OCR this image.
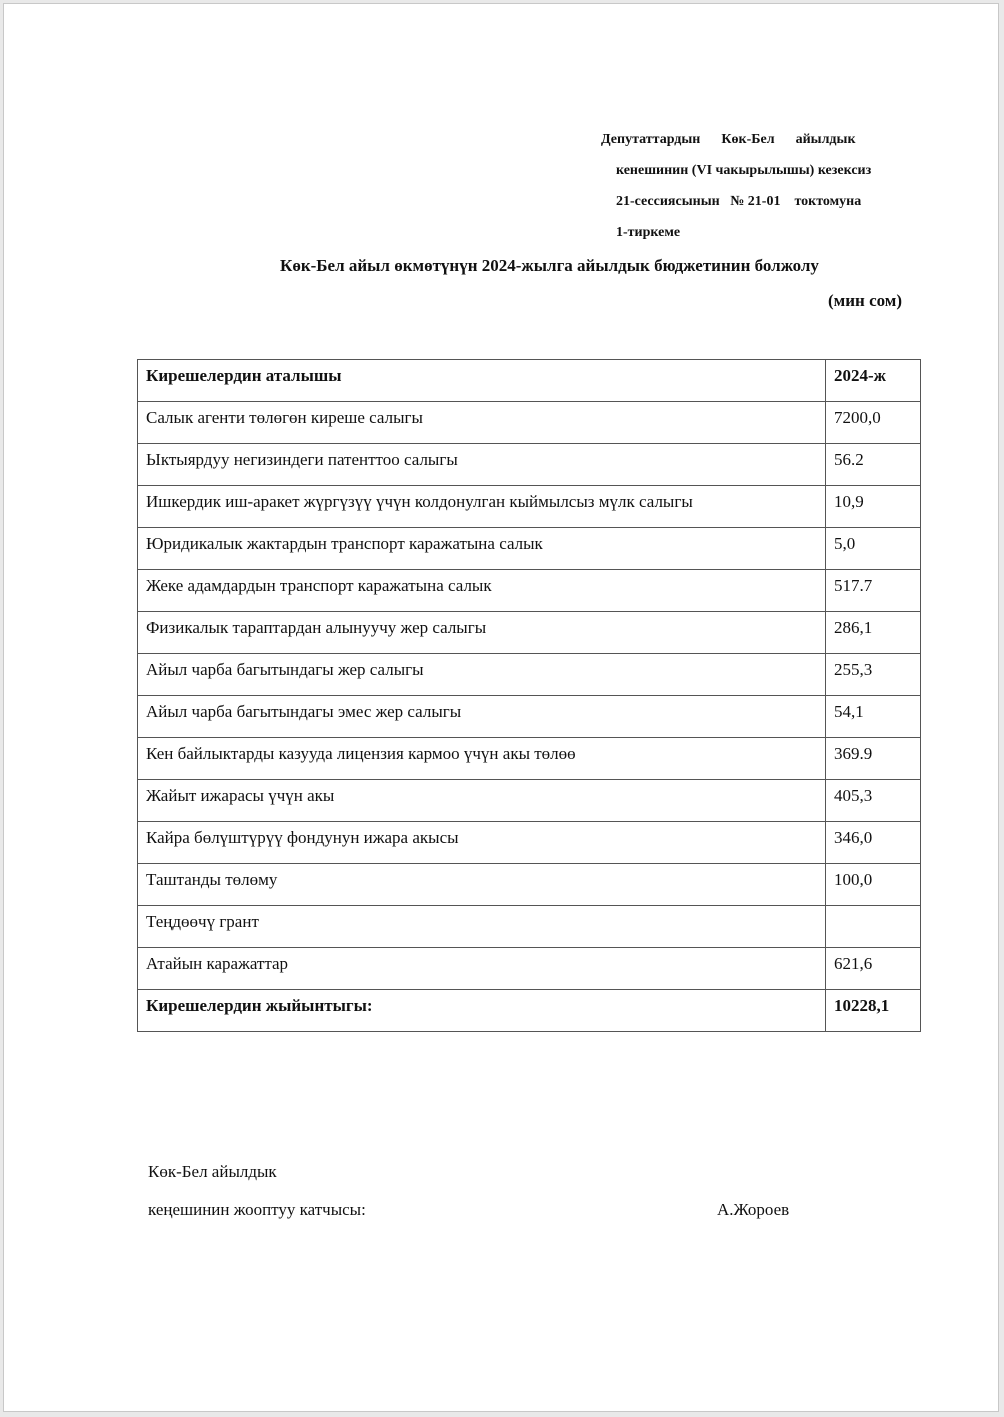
Депутаттардын      Көк-Бел      айылдык
кенешинин (VI чакырылышы) кезексиз
21-сессиясынын   № 21-01    токтомуна
1-тиркеме
Көк-Бел айыл өкмөтүнүн 2024-жылга айылдык бюджетинин болжолу
(мин сом)
Кирешелердин аталышы	2024-ж
Салык агенти төлөгөн киреше салыгы	7200,0
Ыктыярдуу негизиндеги патенттоо салыгы	56.2
Ишкердик иш-аракет жүргүзүү үчүн колдонулган кыймылсыз мүлк салыгы	10,9
Юридикалык жактардын транспорт каражатына салык	5,0
Жеке адамдардын транспорт каражатына салык	517.7
Физикалык тараптардан алынуучу жер салыгы	286,1
Айыл чарба багытындагы жер салыгы	255,3
Айыл чарба багытындагы эмес жер салыгы	54,1
Кен байлыктарды казууда лицензия кармоо үчүн акы төлөө	369.9
Жайыт ижарасы үчүн акы	405,3
Кайра бөлүштүрүү фондунун ижара акысы	346,0
Таштанды төлөму	100,0
Теңдөөчү грант	
Атайын каражаттар	621,6
Кирешелердин жыйынтыгы:	10228,1
Көк-Бел айылдык
кеңешинин жооптуу катчысы:	А.Жороев
